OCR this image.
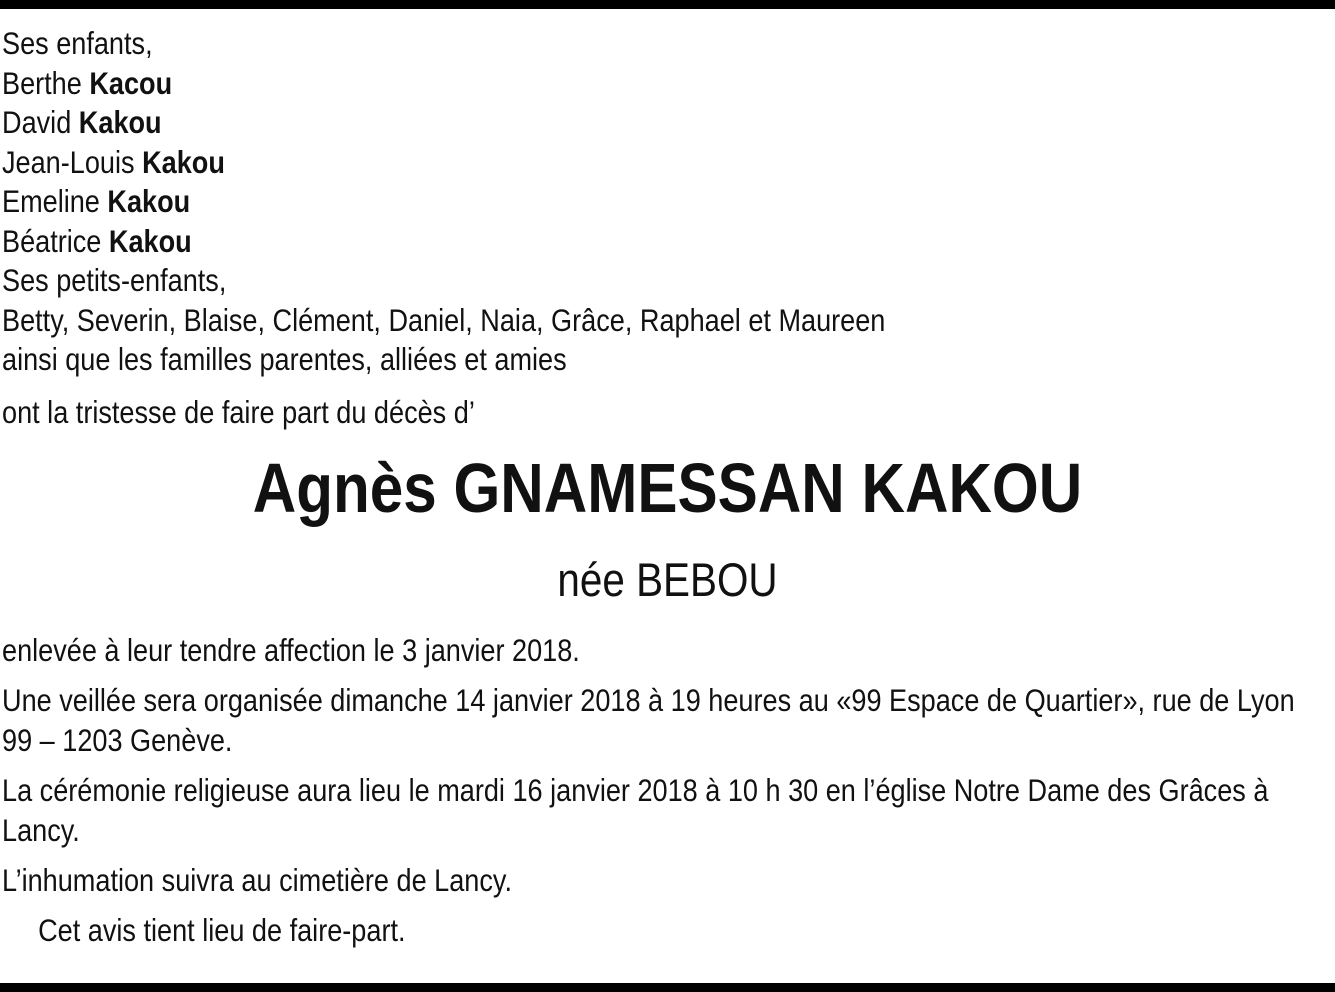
Ses enfants,
Berthe Kacou
David Kakou
Jean-Louis Kakou
Emeline Kakou
Béatrice Kakou
Ses petits-enfants,
Betty, Severin, Blaise, Clément, Daniel, Naia, Grâce, Raphael et Maureen
ainsi que les familles parentes, alliées et amies
ont la tristesse de faire part du décès d’
Agnès GNAMESSAN KAKOU
née BEBOU

enlevée à leur tendre affection le 3 janvier 2018.

Une veillée sera organisée dimanche 14 janvier 2018 à 19 heures au «99 Espace de Quartier», rue de Lyon 99 – 1203 Genève.

La cérémonie religieuse aura lieu le mardi 16 janvier 2018 à 10 h 30 en l’église Notre Dame des Grâces à Lancy.

L’inhumation suivra au cimetière de Lancy.

Cet avis tient lieu de faire-part.
